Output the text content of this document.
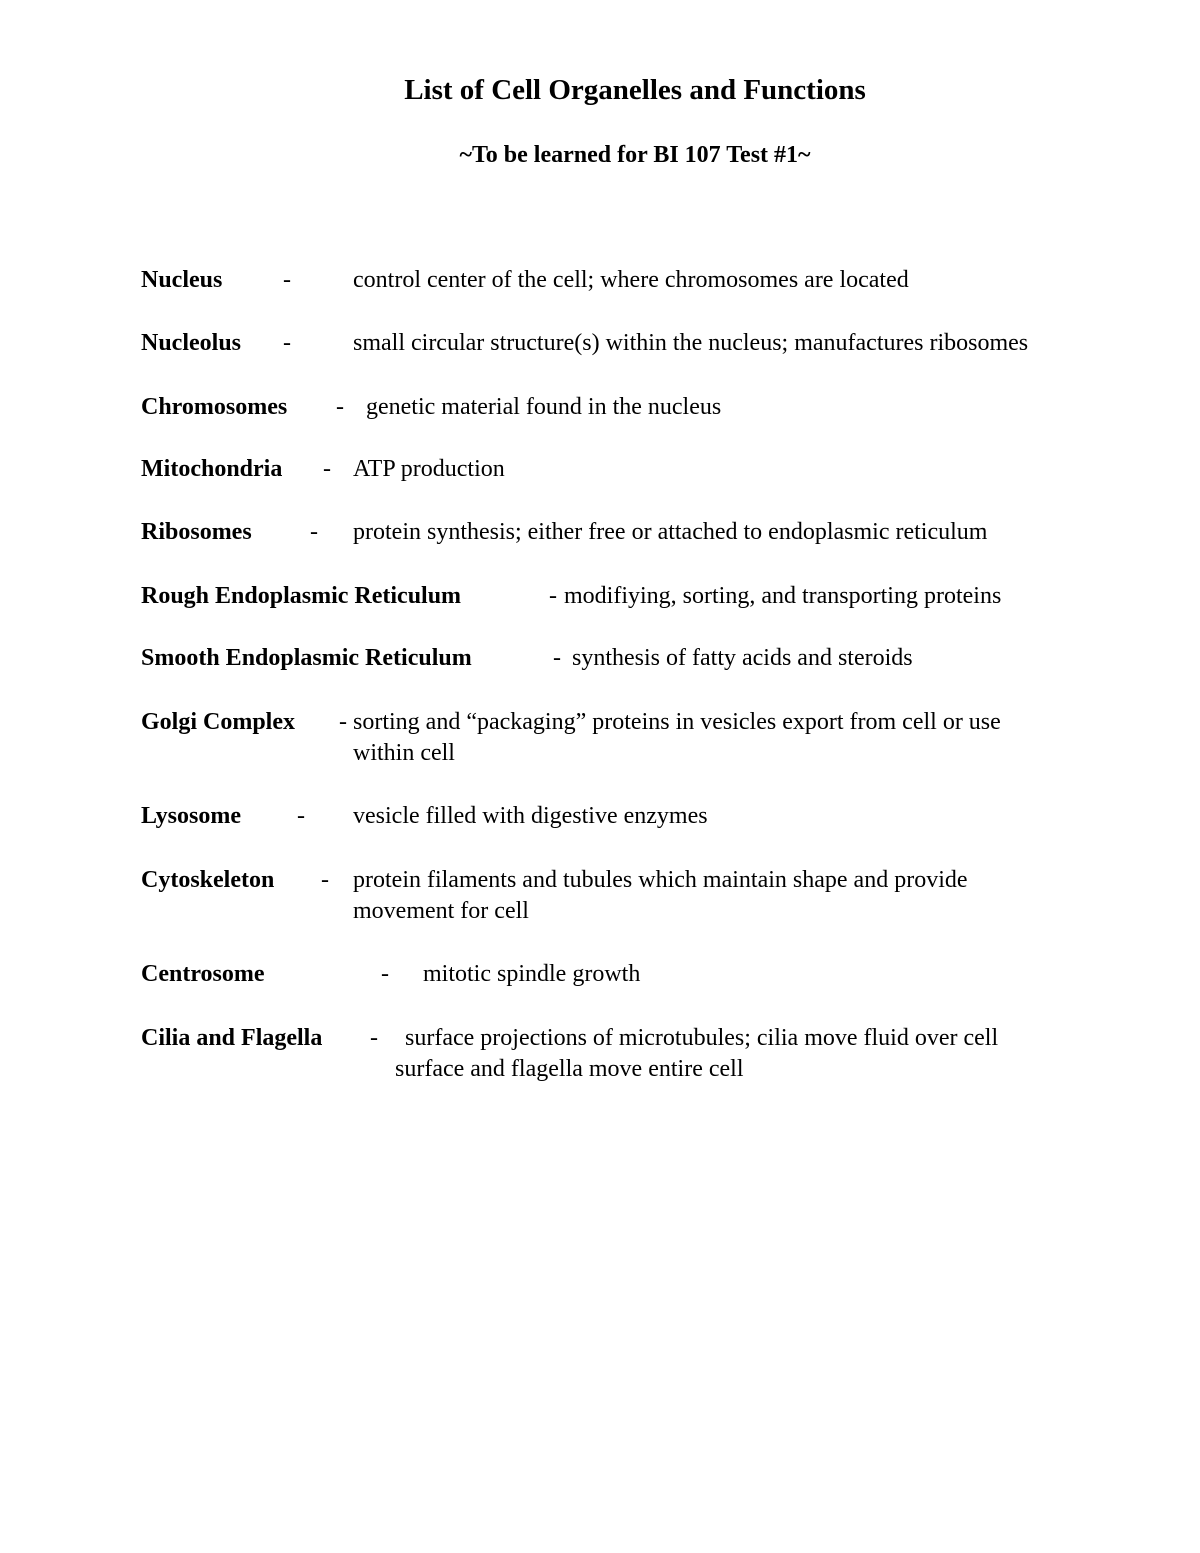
List of Cell Organelles and Functions
~To be learned for BI 107 Test #1~
Nucleus	-	control center of the cell; where chromosomes are located
Nucleolus -	small circular structure(s) within the nucleus; manufactures ribosomes
Chromosomes - genetic material found in the nucleus
Mitochondria - ATP production
Ribosomes - protein synthesis; either free or attached to endoplasmic reticulum
Rough Endoplasmic Reticulum	- modifiying, sorting, and transporting proteins
Smooth Endoplasmic Reticulum	- synthesis of fatty acids and steroids
Golgi Complex - sorting and “packaging” proteins in vesicles export from cell or use
within cell
Lysosome - vesicle filled with digestive enzymes
Cytoskeleton - protein filaments and tubules which maintain shape and provide
movement for cell
Centrosome	- mitotic spindle growth
Cilia and Flagella -	surface projections of microtubules; cilia move fluid over cell
surface and flagella move entire cell
